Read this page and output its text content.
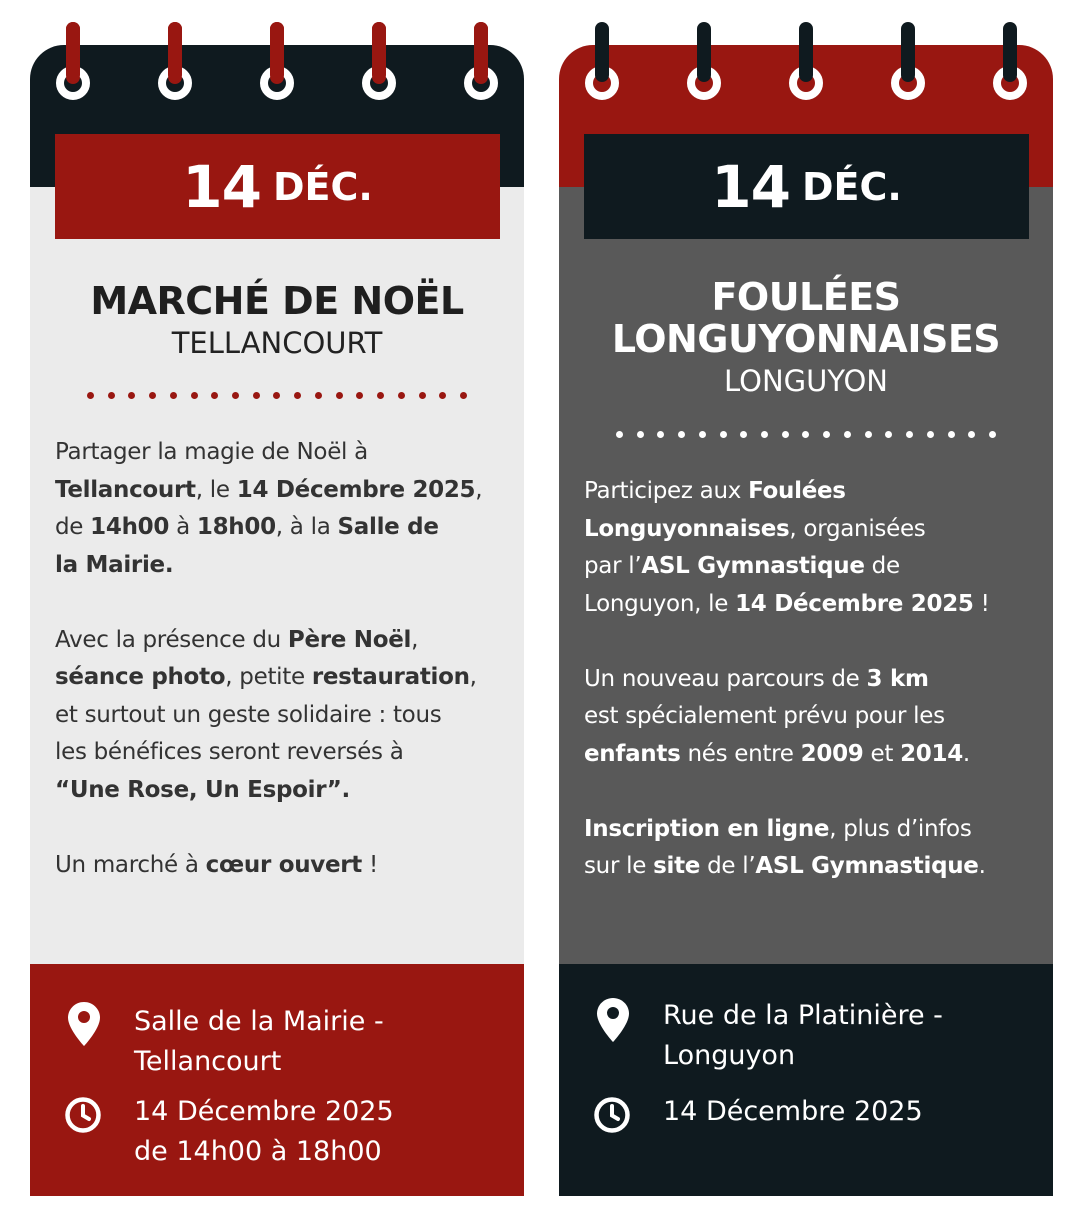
14 DÉC.
MARCHÉ DE NOËL
TELLANCOURT

Partager la magie de Noël à
Tellancourt, le 14 Décembre 2025,
de 14h00 à 18h00, à la Salle de
la Mairie.

Avec la présence du Père Noël,
séance photo, petite restauration,
et surtout un geste solidaire : tous
les bénéfices seront reversés à
“Une Rose, Un Espoir”.

Un marché à cœur ouvert !

Salle de la Mairie -
Tellancourt
14 Décembre 2025
de 14h00 à 18h00
14 DÉC.
FOULÉES
LONGUYONNAISES
LONGUYON

Participez aux Foulées
Longuyonnaises, organisées
par l’ASL Gymnastique de
Longuyon, le 14 Décembre 2025 !

Un nouveau parcours de 3 km
est spécialement prévu pour les
enfants nés entre 2009 et 2014.

Inscription en ligne, plus d’infos
sur le site de l’ASL Gymnastique.

Rue de la Platinière -
Longuyon
14 Décembre 2025
